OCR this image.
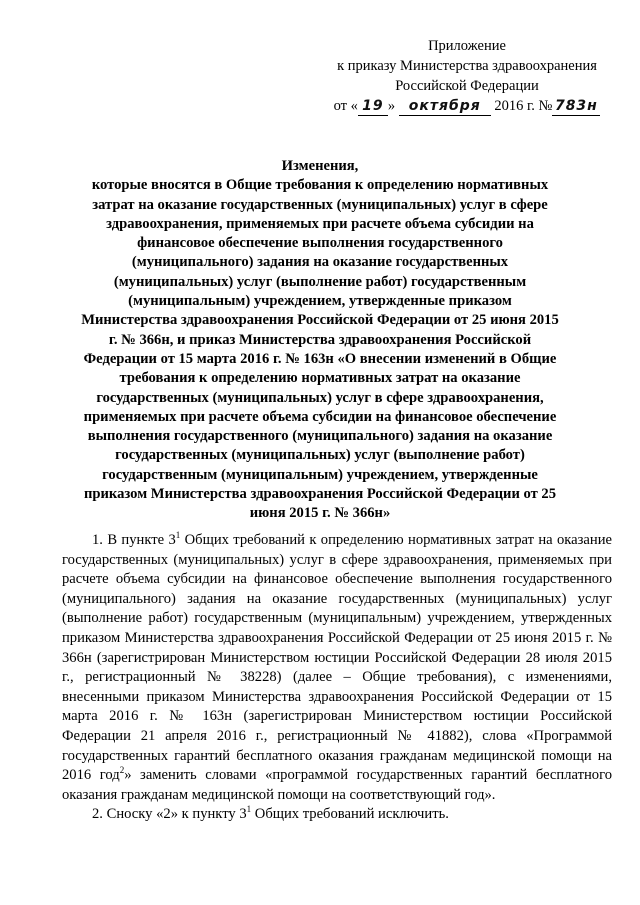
Приложение
к приказу Министерства здравоохранения
Российской Федерации
от « 19 » октября 2016 г. № 783н
Изменения,
которые вносятся в Общие требования к определению нормативных затрат на оказание государственных (муниципальных) услуг в сфере здравоохранения, применяемых при расчете объема субсидии на финансовое обеспечение выполнения государственного (муниципального) задания на оказание государственных (муниципальных) услуг (выполнение работ) государственным (муниципальным) учреждением, утвержденные приказом Министерства здравоохранения Российской Федерации от 25 июня 2015 г. № 366н, и приказ Министерства здравоохранения Российской Федерации от 15 марта 2016 г. № 163н «О внесении изменений в Общие требования к определению нормативных затрат на оказание государственных (муниципальных) услуг в сфере здравоохранения, применяемых при расчете объема субсидии на финансовое обеспечение выполнения государственного (муниципального) задания на оказание государственных (муниципальных) услуг (выполнение работ) государственным (муниципальным) учреждением, утвержденные приказом Министерства здравоохранения Российской Федерации от 25 июня 2015 г. № 366н»

1. В пункте $3^1$ Общих требований к определению нормативных затрат на оказание государственных (муниципальных) услуг в сфере здравоохранения, применяемых при расчете объема субсидии на финансовое обеспечение выполнения государственного (муниципального) задания на оказание государственных (муниципальных) услуг (выполнение работ) государственным (муниципальным) учреждением, утвержденных приказом Министерства здравоохранения Российской Федерации от 25 июня 2015 г. № 366н (зарегистрирован Министерством юстиции Российской Федерации 28 июля 2015 г., регистрационный № 38228) (далее – Общие требования), с изменениями, внесенными приказом Министерства здравоохранения Российской Федерации от 15 марта 2016 г. № 163н (зарегистрирован Министерством юстиции Российской Федерации 21 апреля 2016 г., регистрационный № 41882), слова «Программой государственных гарантий бесплатного оказания гражданам медицинской помощи на 2016 год$^2$» заменить словами «программой государственных гарантий бесплатного оказания гражданам медицинской помощи на соответствующий год».

2. Сноску «2» к пункту $3^1$ Общих требований исключить.
